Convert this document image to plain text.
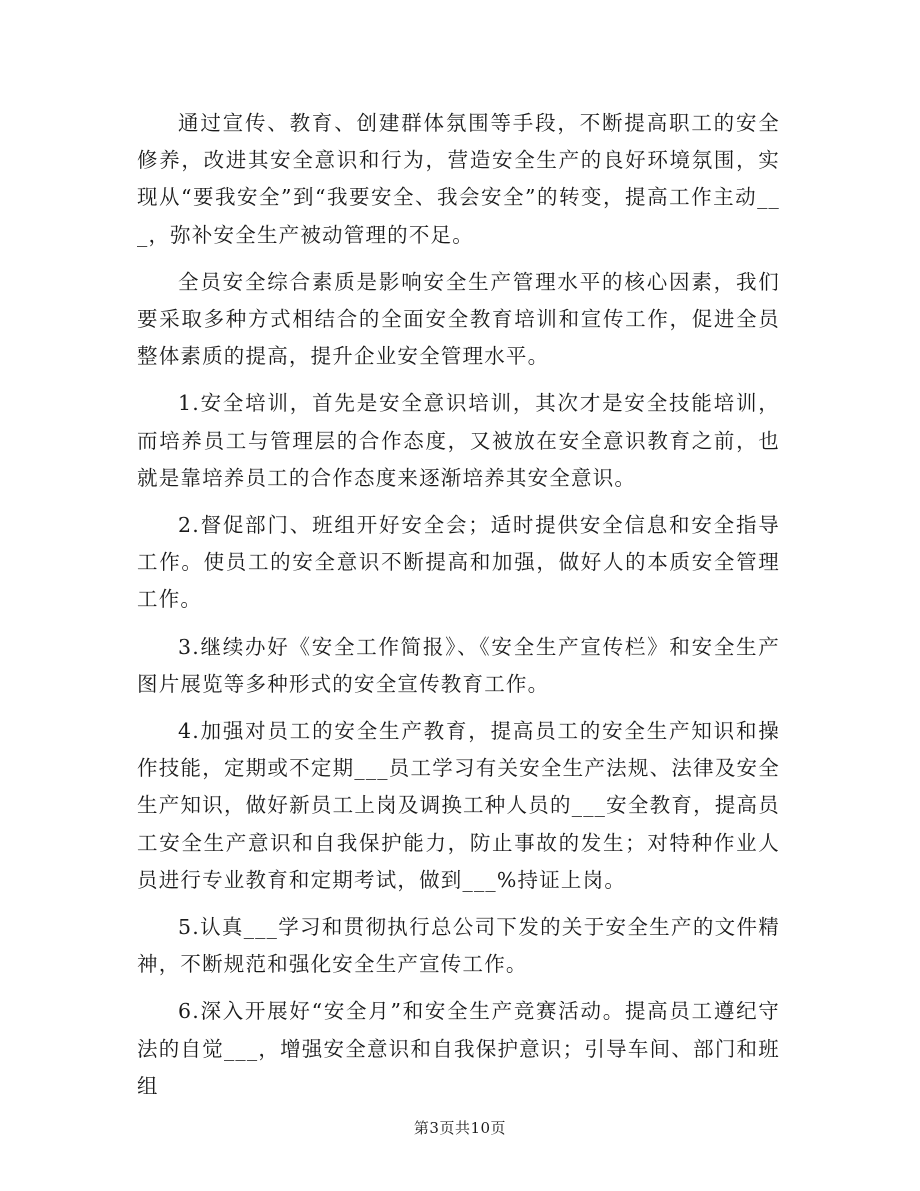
通过宣传、教育、创建群体氛围等手段，不断提高职工的安全修养，改进其安全意识和行为，营造安全生产的良好环境氛围，实现从“要我安全”到“我要安全、我会安全”的转变，提高工作主动___，弥补安全生产被动管理的不足。

全员安全综合素质是影响安全生产管理水平的核心因素，我们要采取多种方式相结合的全面安全教育培训和宣传工作，促进全员整体素质的提高，提升企业安全管理水平。

1.安全培训，首先是安全意识培训，其次才是安全技能培训，而培养员工与管理层的合作态度，又被放在安全意识教育之前，也就是靠培养员工的合作态度来逐渐培养其安全意识。

2.督促部门、班组开好安全会；适时提供安全信息和安全指导工作。使员工的安全意识不断提高和加强，做好人的本质安全管理工作。

3.继续办好《安全工作简报》、《安全生产宣传栏》和安全生产图片展览等多种形式的安全宣传教育工作。

4.加强对员工的安全生产教育，提高员工的安全生产知识和操作技能，定期或不定期___员工学习有关安全生产法规、法律及安全生产知识，做好新员工上岗及调换工种人员的___安全教育，提高员工安全生产意识和自我保护能力，防止事故的发生；对特种作业人员进行专业教育和定期考试，做到___%持证上岗。

5.认真___学习和贯彻执行总公司下发的关于安全生产的文件精神，不断规范和强化安全生产宣传工作。

6.深入开展好“安全月”和安全生产竞赛活动。提高员工遵纪守法的自觉___，增强安全意识和自我保护意识；引导车间、部门和班组

第3页共10页
